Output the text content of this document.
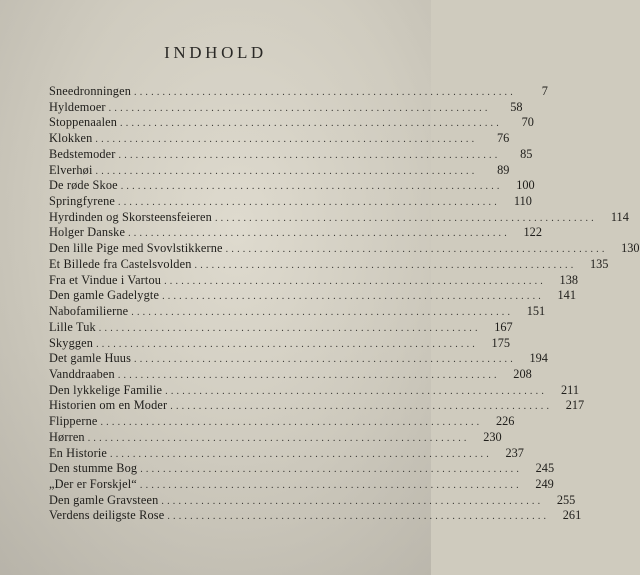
INDHOLD
Sneedronningen ...................................................................	7
Hyldemoer ...................................................................	58
Stoppenaalen ...................................................................	70
Klokken ...................................................................	76
Bedstemoder ...................................................................	85
Elverhøi ...................................................................	89
De røde Skoe ...................................................................	100
Springfyrene ...................................................................	110
Hyrdinden og Skorsteensfeieren ...................................................................	114
Holger Danske ...................................................................	122
Den lille Pige med Svovlstikkerne ...................................................................	130
Et Billede fra Castelsvolden ...................................................................	135
Fra et Vindue i Vartou ...................................................................	138
Den gamle Gadelygte ...................................................................	141
Nabofamilierne ...................................................................	151
Lille Tuk ...................................................................	167
Skyggen ...................................................................	175
Det gamle Huus ...................................................................	194
Vanddraaben ...................................................................	208
Den lykkelige Familie ...................................................................	211
Historien om en Moder ...................................................................	217
Flipperne ...................................................................	226
Hørren ...................................................................	230
En Historie ...................................................................	237
Den stumme Bog ...................................................................	245
„Der er Forskjel“ ...................................................................	249
Den gamle Gravsteen ...................................................................	255
Verdens deiligste Rose ...................................................................	261
